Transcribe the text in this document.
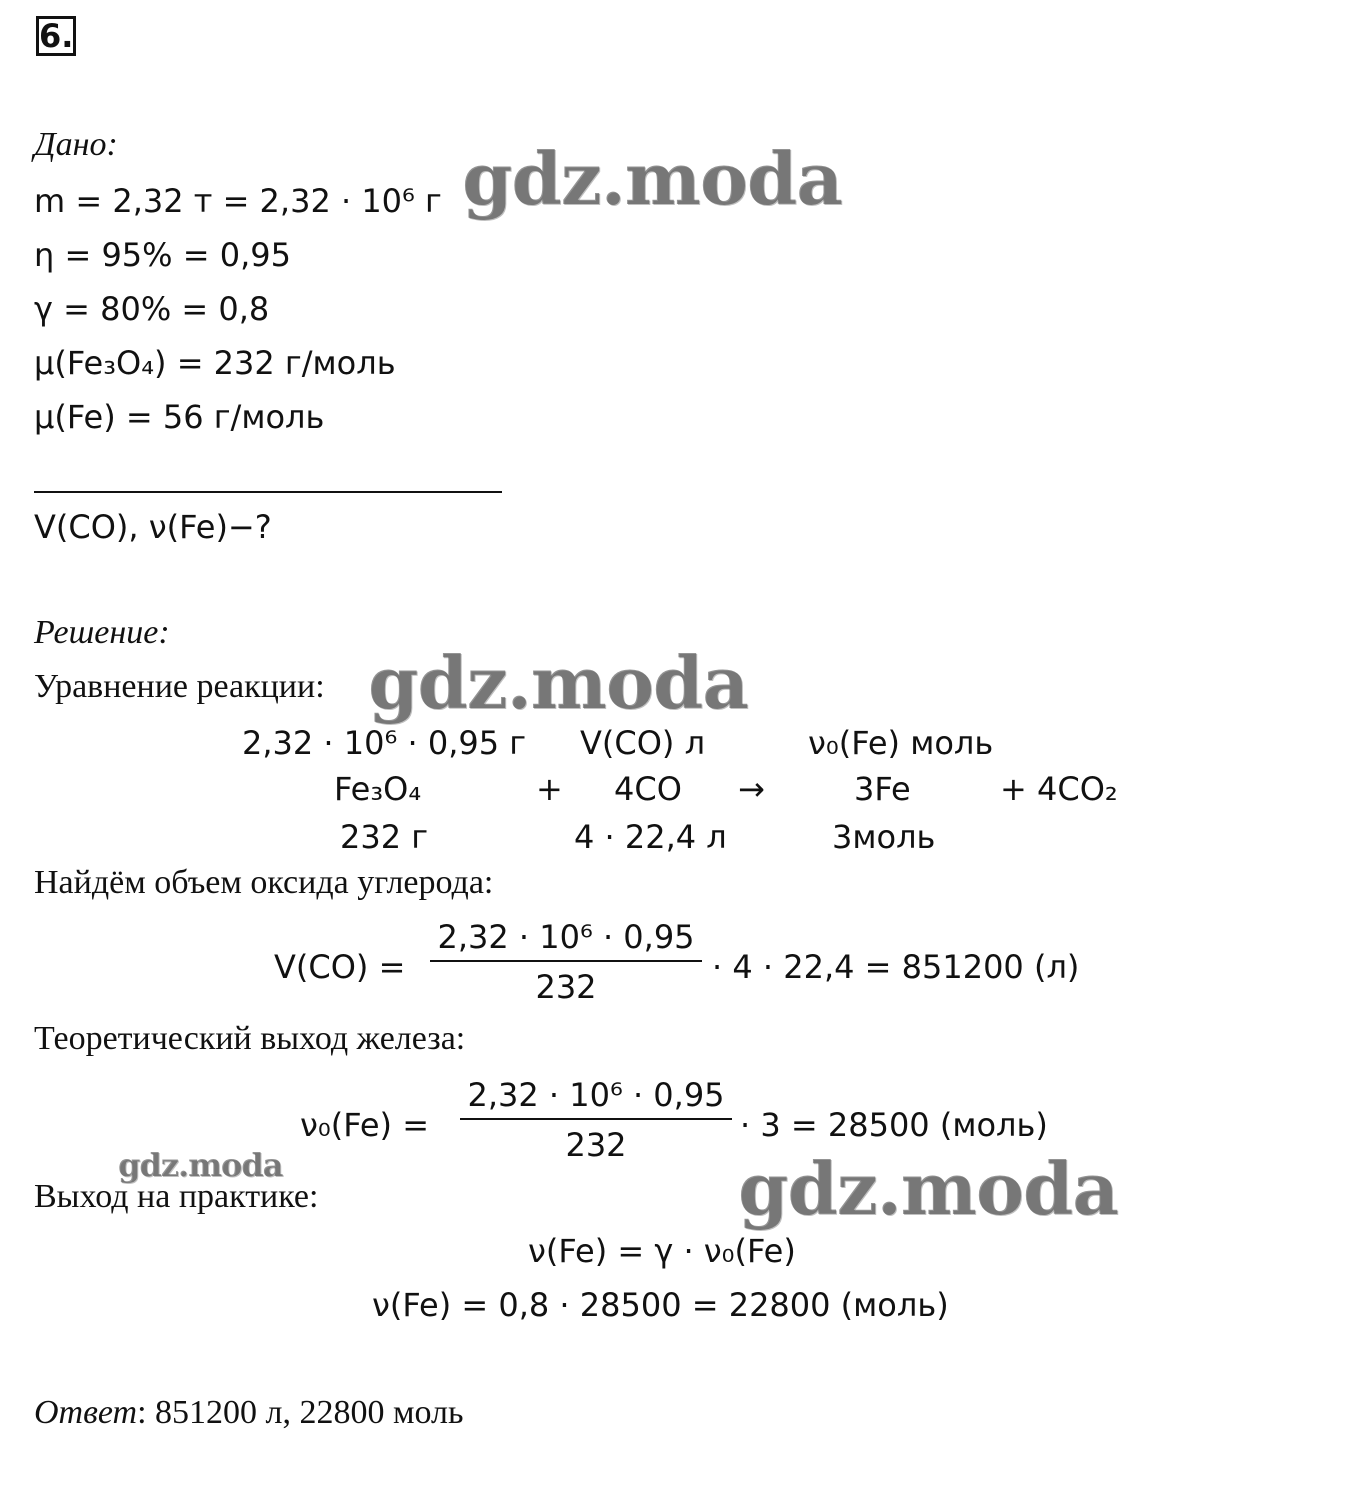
6.
Дано:
m = 2,32 т = 2,32 · 10⁶ г
η = 95% = 0,95
γ = 80% = 0,8
μ(Fe₃O₄) = 232 г/моль
μ(Fe) = 56 г/моль
V(CO), ν(Fe)−?
Решение:
Уравнение реакции:
2,32 · 10⁶ · 0,95 г V(CO) л	ν₀(Fe) моль
Fe₃O₄	+ 4CO →	3Fe	+ 4CO₂
232 г	4 · 22,4 л	3моль
Найдём объем оксида углерода:
V(CO) =
2,32 · 10⁶ · 0,95
232
· 4 · 22,4 = 851200 (л)
Теоретический выход железа:
ν₀(Fe) =
2,32 · 10⁶ · 0,95
232
· 3 = 28500 (моль)
Выход на практике:
ν(Fe) = γ · ν₀(Fe)
ν(Fe) = 0,8 · 28500 = 22800 (моль)
Ответ: 851200 л, 22800 моль
gdz.moda
gdz.moda
gdz.moda	gdz.moda
